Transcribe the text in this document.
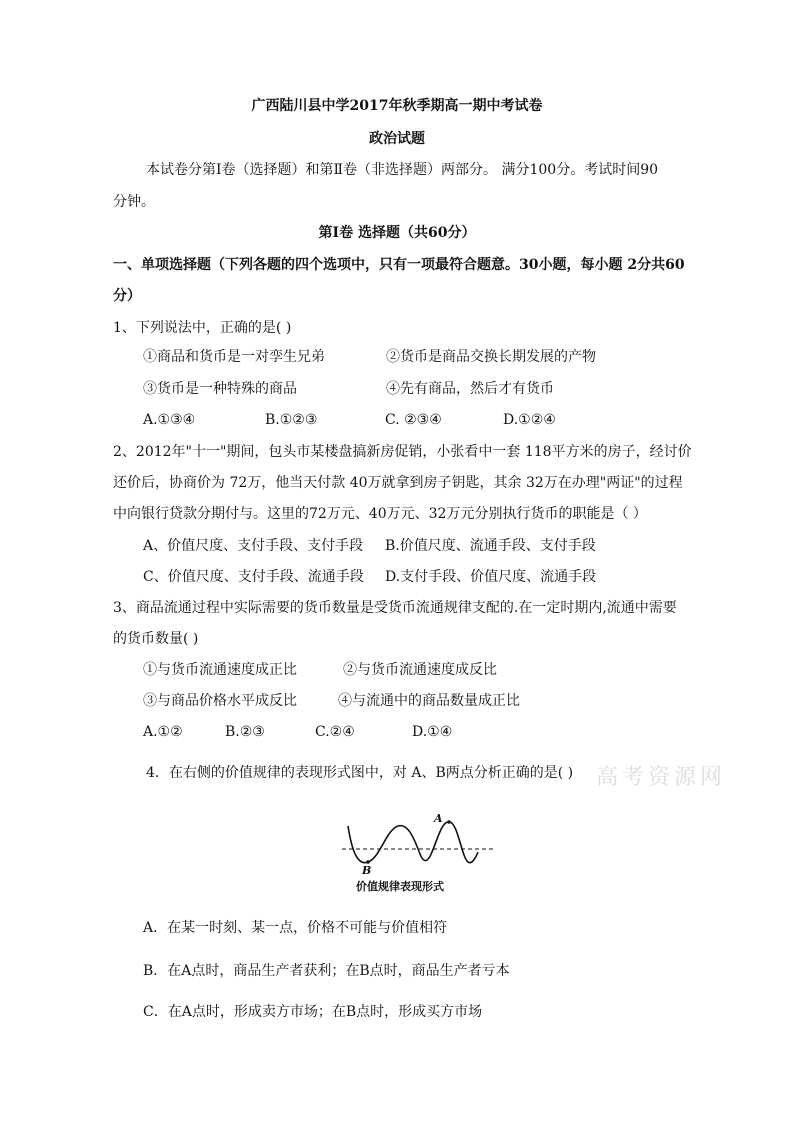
广西陆川县中学2017年秋季期高一期中考试卷
政治试题
本试卷分第Ⅰ卷（选择题）和第Ⅱ卷（非选择题）两部分。 满分100分。考试时间90
分钟。
第Ⅰ卷 选择题（共60分）
一、单项选择题（下列各题的四个选项中，只有一项最符合题意。30小题，每小题 2分共60
分）
1、下列说法中，正确的是( )
①商品和货币是一对孪生兄弟	②货币是商品交换长期发展的产物
③货币是一种特殊的商品	④先有商品，然后才有货币
A.①③④	B.①②③	C. ②③④	D.①②④
2、2012年"十一"期间，包头市某楼盘搞新房促销，小张看中一套 118平方米的房子，经讨价
还价后，协商价为 72万，他当天付款 40万就拿到房子钥匙，其余 32万在办理"两证"的过程
中向银行贷款分期付与。这里的72万元、40万元、32万元分别执行货币的职能是（ ）
A、价值尺度、支付手段、支付手段 B.价值尺度、流通手段、支付手段
C、价值尺度、支付手段、流通手段 D.支付手段、价值尺度、流通手段
3、商品流通过程中实际需要的货币数量是受货币流通规律支配的.在一定时期内,流通中需要
的货币数量( )
①与货币流通速度成正比	②与货币流通速度成反比
③与商品价格水平成反比	④与流通中的商品数量成正比
A.①②	B.②③	C.②④	D.①④
4．在右侧的价值规律的表现形式图中，对 A、B两点分析正确的是( ) 高考资源网
A
B
价值规律表现形式
A．在某一时刻、某一点，价格不可能与价值相符
B．在A点时，商品生产者获利；在B点时，商品生产者亏本
C．在A点时，形成卖方市场；在B点时，形成买方市场
